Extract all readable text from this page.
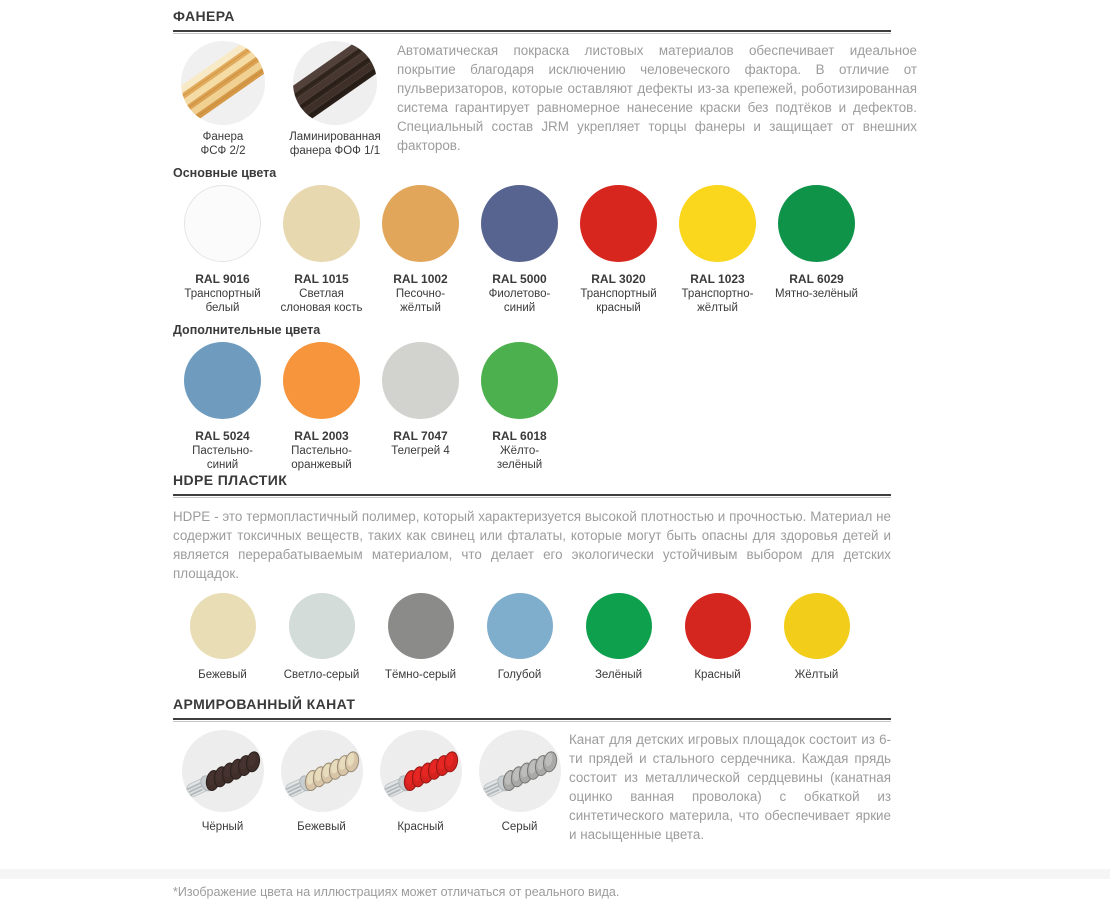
ФАНЕРА
Фанера
ФСФ 2/2
Ламинированная
фанера ФОФ 1/1

Автоматическая покраска листовых материалов обеспечивает идеальное покрытие благодаря исключению человеческого фактора. В отличие от пульверизаторов, которые оставляют дефекты из-за крепежей, роботизированная система гарантирует равномерное нанесение краски без подтёков и дефектов. Специальный состав JRM укрепляет торцы фанеры и защищает от внешних факторов.

Основные цвета
RAL 9016
Транспортный
белый
RAL 1015
Светлая
слоновая кость
RAL 1002
Песочно-
жёлтый
RAL 5000
Фиолетово-
синий
RAL 3020
Транспортный
красный
RAL 1023
Транспортно-
жёлтый
RAL 6029
Мятно-зелёный
Дополнительные цвета
RAL 5024
Пастельно-
синий
RAL 2003
Пастельно-
оранжевый
RAL 7047
Телегрей 4
RAL 6018
Жёлто-
зелёный
HDPE ПЛАСТИК

HDPE - это термопластичный полимер, который характеризуется высокой плотностью и прочностью. Материал не содержит токсичных веществ, таких как свинец или фталаты, которые могут быть опасны для здоровья детей и является перерабатываемым материалом, что делает его экологически устойчивым выбором для детских площадок.

Бежевый	Светло-серый	Тёмно-серый	Голубой	Зелёный	Красный	Жёлтый
АРМИРОВАННЫЙ КАНАТ
Чёрный	Бежевый	Красный	Серый

Канат для детских игровых площадок состоит из 6-ти прядей и стального сердечника. Каждая прядь состоит из металлической сердцевины (канатная оцинко ванная проволока) с обкаткой из синтетического материла, что обеспечивает яркие и насыщенные цвета.

*Изображение цвета на иллюстрациях может отличаться от реального вида.
